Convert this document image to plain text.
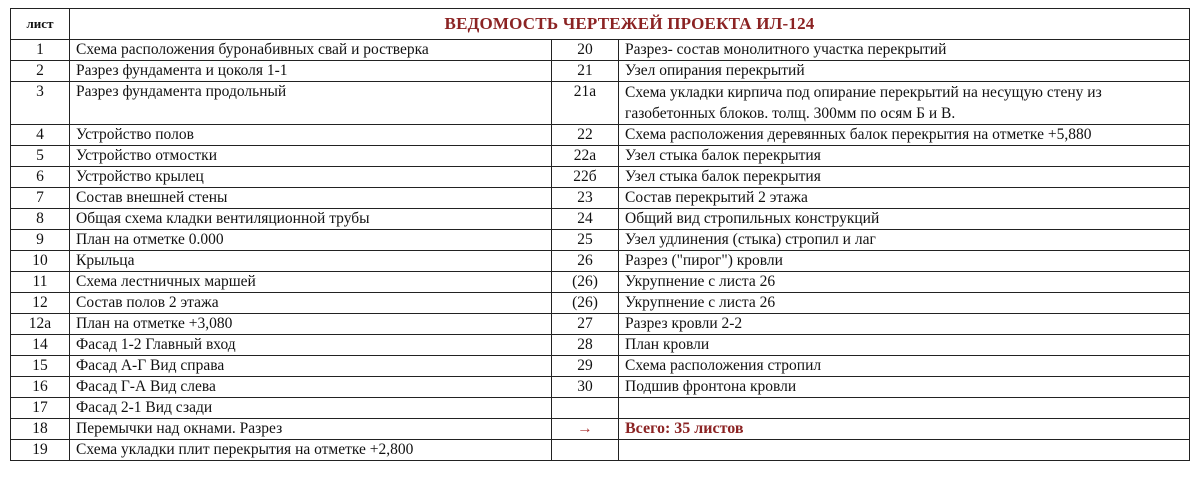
лист	ВЕДОМОСТЬ ЧЕРТЕЖЕЙ ПРОЕКТА ИЛ-124		
1	Схема расположения буронабивных свай и ростверка	20	Разрез- состав монолитного участка перекрытий
2	Разрез фундамента и цоколя 1-1	21	Узел опирания перекрытий
3	Разрез фундамента продольный	21а	Схема укладки кирпича под опирание перекрытий на несущую стену из газобетонных блоков. толщ. 300мм по осям Б и В.
4	Устройство полов	22	Схема расположения деревянных балок перекрытия на отметке +5,880
5	Устройство отмостки	22а	Узел стыка балок перекрытия
6	Устройство крылец	22б	Узел стыка балок перекрытия
7	Состав внешней стены	23	Состав перекрытий 2 этажа
8	Общая схема кладки вентиляционной трубы	24	Общий вид стропильных конструкций
9	План на отметке 0.000	25	Узел удлинения (стыка) стропил и лаг
10	Крыльца	26	Разрез ("пирог") кровли
11	Схема лестничных маршей	(26)	Укрупнение с листа 26
12	Состав полов 2 этажа	(26)	Укрупнение с листа 26
12а	План на отметке +3,080	27	Разрез кровли 2-2
14	Фасад 1-2 Главный вход	28	План кровли
15	Фасад А-Г Вид справа	29	Схема расположения стропил
16	Фасад Г-А Вид слева	30	Подшив фронтона кровли
17	Фасад 2-1 Вид сзади		
18	Перемычки над окнами. Разрез	→	Всего: 35 листов
19	Схема укладки плит перекрытия на отметке +2,800		
